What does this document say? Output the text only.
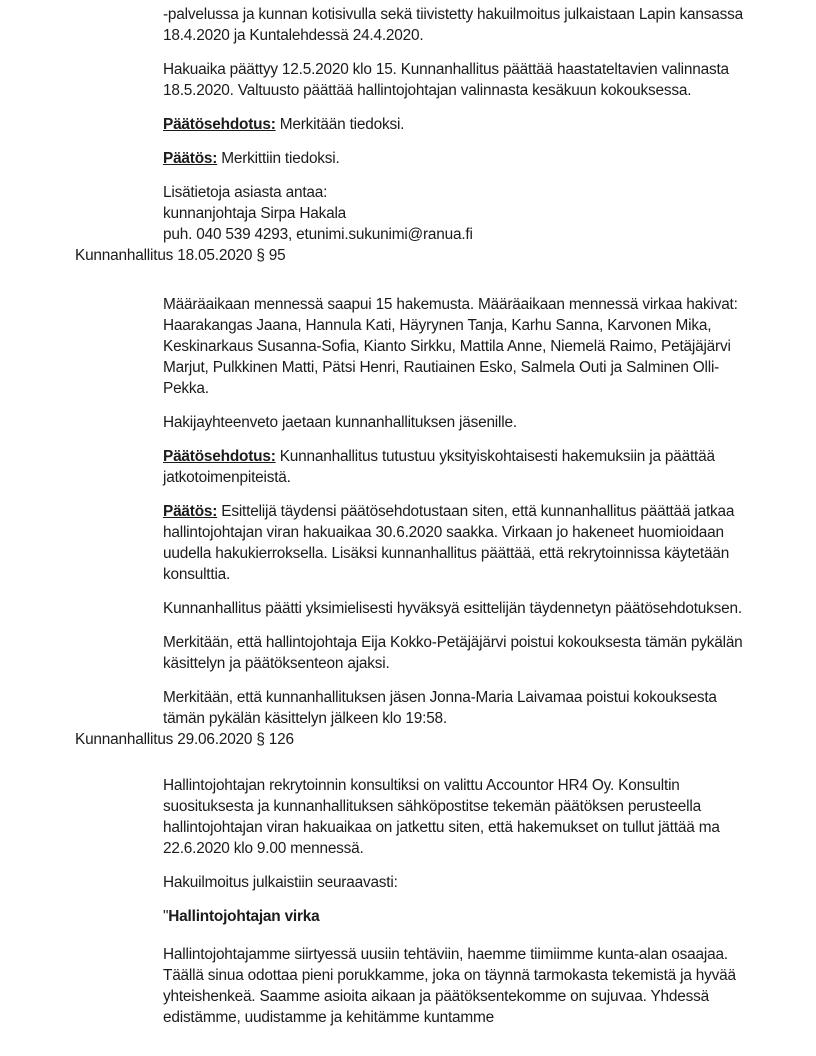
-palvelussa ja kunnan kotisivulla sekä tiivistetty hakuilmoitus julkaistaan Lapin kansassa 18.4.2020 ja Kuntalehdessä 24.4.2020.

Hakuaika päättyy 12.5.2020 klo 15. Kunnanhallitus päättää haastateltavien valinnasta 18.5.2020. Valtuusto päättää hallintojohtajan valinnasta kesäkuun kokouksessa.

Päätösehdotus: Merkitään tiedoksi.

Päätös: Merkittiin tiedoksi.

Lisätietoja asiasta antaa:
kunnanjohtaja Sirpa Hakala
puh. 040 539 4293, etunimi.sukunimi@ranua.fi

Kunnanhallitus 18.05.2020 § 95

Määräaikaan mennessä saapui 15 hakemusta. Määräaikaan mennessä virkaa hakivat: Haarakangas Jaana, Hannula Kati, Häyrynen Tanja, Karhu Sanna, Karvonen Mika, Keskinarkaus Susanna-Sofia, Kianto Sirkku, Mattila Anne, Niemelä Raimo, Petäjäjärvi Marjut, Pulkkinen Matti, Pätsi Henri, Rautiainen Esko, Salmela Outi ja Salminen Olli-Pekka.

Hakijayhteenveto jaetaan kunnanhallituksen jäsenille.

Päätösehdotus: Kunnanhallitus tutustuu yksityiskohtaisesti hakemuksiin ja päättää jatkotoimenpiteistä.

Päätös: Esittelijä täydensi päätösehdotustaan siten, että kunnanhallitus päättää jatkaa hallintojohtajan viran hakuaikaa 30.6.2020 saakka. Virkaan jo hakeneet huomioidaan uudella hakukierroksella. Lisäksi kunnanhallitus päättää, että rekrytoinnissa käytetään konsulttia.

Kunnanhallitus päätti yksimielisesti hyväksyä esittelijän täydennetyn päätösehdotuksen.

Merkitään, että hallintojohtaja Eija Kokko-Petäjäjärvi poistui kokouksesta tämän pykälän käsittelyn ja päätöksenteon ajaksi.

Merkitään, että kunnanhallituksen jäsen Jonna-Maria Laivamaa poistui kokouksesta tämän pykälän käsittelyn jälkeen klo 19:58.

Kunnanhallitus 29.06.2020 § 126

Hallintojohtajan rekrytoinnin konsultiksi on valittu Accountor HR4 Oy. Konsultin suosituksesta ja kunnanhallituksen sähköpostitse tekemän päätöksen perusteella hallintojohtajan viran hakuaikaa on jatkettu siten, että hakemukset on tullut jättää ma 22.6.2020 klo 9.00 mennessä.

Hakuilmoitus julkaistiin seuraavasti:

"Hallintojohtajan virka

Hallintojohtajamme siirtyessä uusiin tehtäviin, haemme tiimiimme kunta-alan osaajaa. Täällä sinua odottaa pieni porukkamme, joka on täynnä tarmokasta tekemistä ja hyvää yhteishenkeä. Saamme asioita aikaan ja päätöksentekomme on sujuvaa. Yhdessä edistämme, uudistamme ja kehitämme kuntamme
